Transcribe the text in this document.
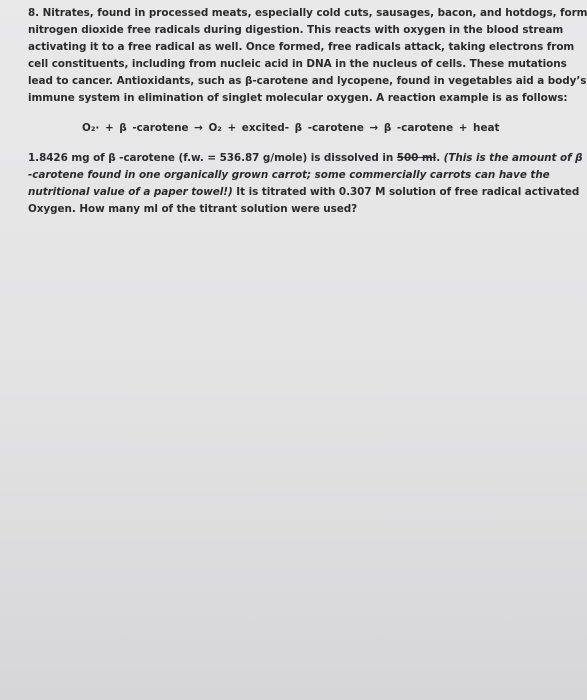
8. Nitrates, found in processed meats, especially cold cuts, sausages, bacon, and hotdogs, form
nitrogen dioxide free radicals during digestion. This reacts with oxygen in the blood stream
activating it to a free radical as well. Once formed, free radicals attack, taking electrons from
cell constituents, including from nucleic acid in DNA in the nucleus of cells. These mutations
lead to cancer. Antioxidants, such as β-carotene and lycopene, found in vegetables aid a body’s
immune system in elimination of singlet molecular oxygen. A reaction example is as follows:
O₂· + β -carotene → O₂ + excited- β -carotene → β -carotene + heat
1.8426 mg of β -carotene (f.w. = 536.87 g/mole) is dissolved in 500 ml. (This is the amount of β
-carotene found in one organically grown carrot; some commercially carrots can have the
nutritional value of a paper towel!) It is titrated with 0.307 M solution of free radical activated
Oxygen. How many ml of the titrant solution were used?
